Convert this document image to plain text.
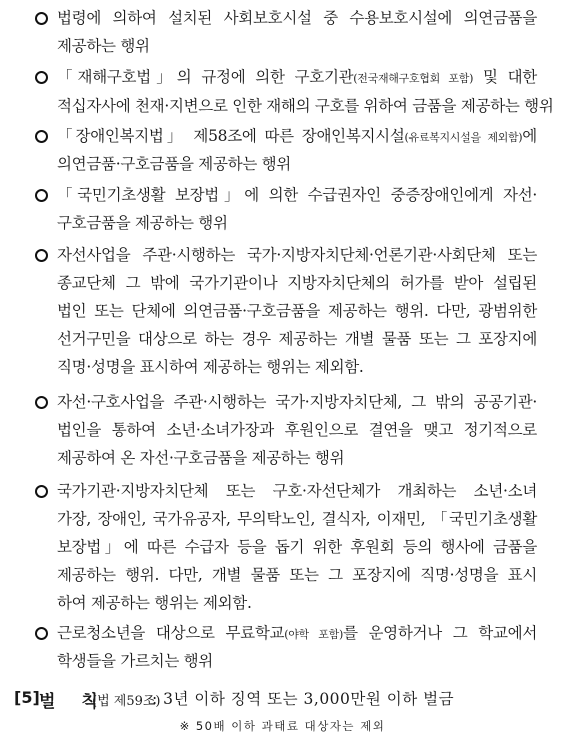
법령에 의하여 설치된 사회보호시설 중 수용보호시설에 의연금품을
제공하는 행위
「재해구호법」의 규정에 의한 구호기관(전국재해구호협회 포함) 및 대한
적십자사에 천재·지변으로 인한 재해의 구호를 위하여 금품을 제공하는 행위
「장애인복지법」 제58조에 따른 장애인복지시설(유료복지시설을 제외함)에
의연금품·구호금품을 제공하는 행위
「국민기초생활 보장법」에 의한 수급권자인 중증장애인에게 자선·
구호금품을 제공하는 행위
자선사업을 주관·시행하는 국가·지방자치단체·언론기관·사회단체 또는
종교단체 그 밖에 국가기관이나 지방자치단체의 허가를 받아 설립된
법인 또는 단체에 의연금품·구호금품을 제공하는 행위. 다만, 광범위한
선거구민을 대상으로 하는 경우 제공하는 개별 물품 또는 그 포장지에
직명·성명을 표시하여 제공하는 행위는 제외함.
자선·구호사업을 주관·시행하는 국가·지방자치단체, 그 밖의 공공기관·
법인을 통하여 소년·소녀가장과 후원인으로 결연을 맺고 정기적으로
제공하여 온 자선·구호금품을 제공하는 행위
국가기관·지방자치단체 또는 구호·자선단체가 개최하는 소년·소녀
가장, 장애인, 국가유공자, 무의탁노인, 결식자, 이재민, 「국민기초생활
보장법」에 따른 수급자 등을 돕기 위한 후원회 등의 행사에 금품을
제공하는 행위. 다만, 개별 물품 또는 그 포장지에 직명·성명을 표시
하여 제공하는 행위는 제외함.
근로청소년을 대상으로 무료학교(야학 포함)를 운영하거나 그 학교에서
학생들을 가르치는 행위
[5] 벌 칙
(법 제59조)
: 3년 이하 징역 또는 3,000만원 이하 벌금
※ 50배 이하 과태료 대상자는 제외
